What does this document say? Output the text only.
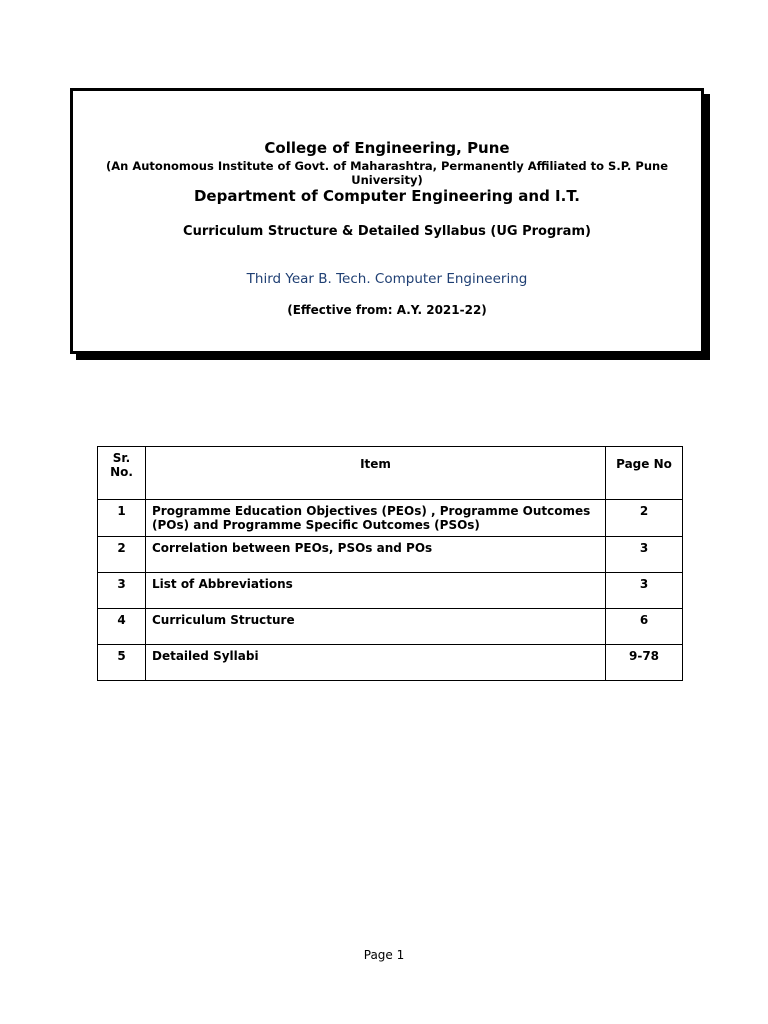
College of Engineering, Pune
(An Autonomous Institute of Govt. of Maharashtra, Permanently Affiliated to S.P. Pune University)
Department of Computer Engineering and I.T.
Curriculum Structure & Detailed Syllabus (UG Program)
Third Year B. Tech. Computer Engineering
(Effective from: A.Y. 2021-22)
Sr. No.	Item	Page No
1	Programme Education Objectives (PEOs) , Programme Outcomes (POs) and Programme Specific Outcomes (PSOs)	2
2	Correlation between PEOs, PSOs and POs	3
3	List of Abbreviations	3
4	Curriculum Structure	6
5	Detailed Syllabi	9-78
Page 1
